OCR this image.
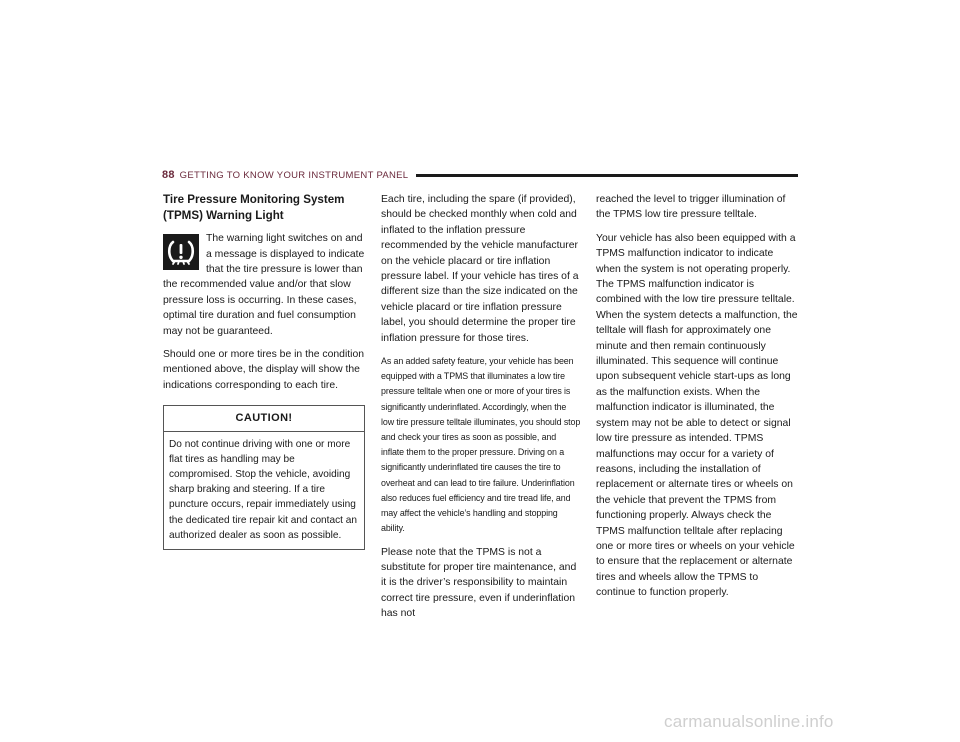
88 GETTING TO KNOW YOUR INSTRUMENT PANEL
Tire Pressure Monitoring System (TPMS) Warning Light

The warning light switches on and a message is displayed to indicate that the tire pressure is lower than the recommended value and/or that slow pressure loss is occurring. In these cases, optimal tire duration and fuel consumption may not be guaranteed.

Should one or more tires be in the condition mentioned above, the display will show the indications corresponding to each tire.

CAUTION!
Do not continue driving with one or more flat tires as handling may be compromised. Stop the vehicle, avoiding sharp braking and steering. If a tire puncture occurs, repair immediately using the dedicated tire repair kit and contact an authorized dealer as soon as possible.

Each tire, including the spare (if provided), should be checked monthly when cold and inflated to the inflation pressure recommended by the vehicle manufacturer on the vehicle placard or tire inflation pressure label. If your vehicle has tires of a different size than the size indicated on the vehicle placard or tire inflation pressure label, you should determine the proper tire inflation pressure for those tires.

As an added safety feature, your vehicle has been equipped with a TPMS that illuminates a low tire pressure telltale when one or more of your tires is significantly underinflated. Accordingly, when the low tire pressure telltale illuminates, you should stop and check your tires as soon as possible, and inflate them to the proper pressure. Driving on a significantly underinflated tire causes the tire to overheat and can lead to tire failure. Underinflation also reduces fuel efficiency and tire tread life, and may affect the vehicle’s handling and stopping ability.

Please note that the TPMS is not a substitute for proper tire maintenance, and it is the driver’s responsibility to maintain correct tire pressure, even if underinflation has not

reached the level to trigger illumination of the TPMS low tire pressure telltale.

Your vehicle has also been equipped with a TPMS malfunction indicator to indicate when the system is not operating properly. The TPMS malfunction indicator is combined with the low tire pressure telltale. When the system detects a malfunction, the telltale will flash for approximately one minute and then remain continuously illuminated. This sequence will continue upon subsequent vehicle start-ups as long as the malfunction exists. When the malfunction indicator is illuminated, the system may not be able to detect or signal low tire pressure as intended. TPMS malfunctions may occur for a variety of reasons, including the installation of replacement or alternate tires or wheels on the vehicle that prevent the TPMS from functioning properly. Always check the TPMS malfunction telltale after replacing one or more tires or wheels on your vehicle to ensure that the replacement or alternate tires and wheels allow the TPMS to continue to function properly.

carmanualsonline.info
